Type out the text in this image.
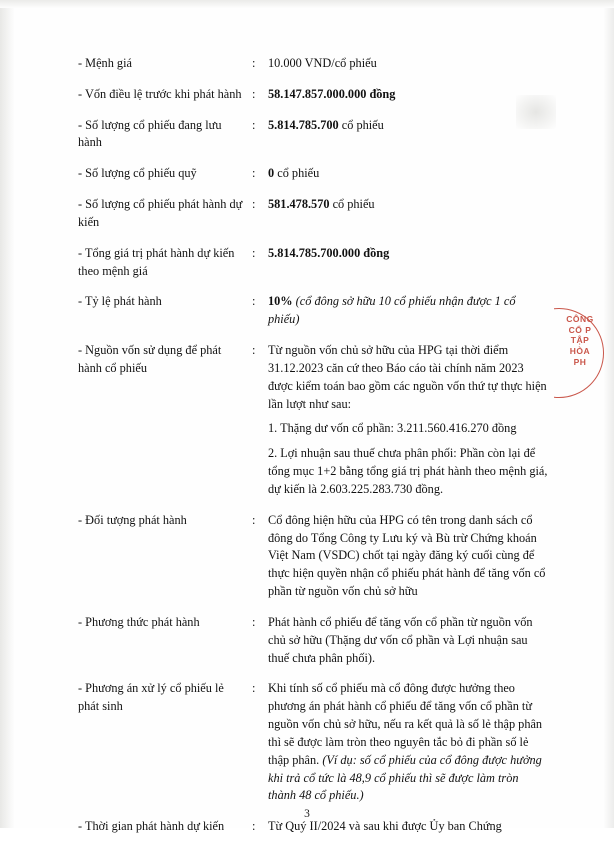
- Mệnh giá	:	10.000 VND/cổ phiếu

- Vốn điều lệ trước khi phát hành :	58.147.857.000.000 đồng

- Số lượng cổ phiếu đang lưu hành
:	5.814.785.700 cổ phiếu

- Số lượng cổ phiếu quỹ	:	0 cổ phiếu

- Số lượng cổ phiếu phát hành dự kiến
:	581.478.570 cổ phiếu

- Tổng giá trị phát hành dự kiến theo mệnh giá
:	5.814.785.700.000 đồng

- Tỷ lệ phát hành	:	10% (cổ đông sở hữu 10 cổ phiếu nhận được 1 cổ phiếu)

- Nguồn vốn sử dụng để phát hành cổ phiếu
:	Từ nguồn vốn chủ sở hữu của HPG tại thời điểm 31.12.2023 căn cứ theo Báo cáo tài chính năm 2023 được kiểm toán bao gồm các nguồn vốn thứ tự thực hiện lần lượt như sau:

1. Thặng dư vốn cổ phần: 3.211.560.416.270 đồng

2. Lợi nhuận sau thuế chưa phân phối: Phần còn lại để tổng mục 1+2 bằng tổng giá trị phát hành theo mệnh giá, dự kiến là 2.603.225.283.730 đồng.

- Đối tượng phát hành	:	Cổ đông hiện hữu của HPG có tên trong danh sách cổ đông do Tổng Công ty Lưu ký và Bù trừ Chứng khoán Việt Nam (VSDC) chốt tại ngày đăng ký cuối cùng để thực hiện quyền nhận cổ phiếu phát hành để tăng vốn cổ phần từ nguồn vốn chủ sở hữu

- Phương thức phát hành	:	Phát hành cổ phiếu để tăng vốn cổ phần từ nguồn vốn chủ sở hữu (Thặng dư vốn cổ phần và Lợi nhuận sau thuế chưa phân phối).

- Phương án xử lý cổ phiếu lẻ phát sinh
:	Khi tính số cổ phiếu mà cổ đông được hưởng theo phương án phát hành cổ phiếu để tăng vốn cổ phần từ nguồn vốn chủ sở hữu, nếu ra kết quả là số lẻ thập phân thì sẽ được làm tròn theo nguyên tắc bỏ đi phần số lẻ thập phân. (Ví dụ: số cổ phiếu của cổ đông được hưởng khi trả cổ tức là 48,9 cổ phiếu thì sẽ được làm tròn thành 48 cổ phiếu.)

- Thời gian phát hành dự kiến	:	Từ Quý II/2024 và sau khi được Ủy ban Chứng

CÔNG
CỔ P
TẬP
HÒA
PH
3
